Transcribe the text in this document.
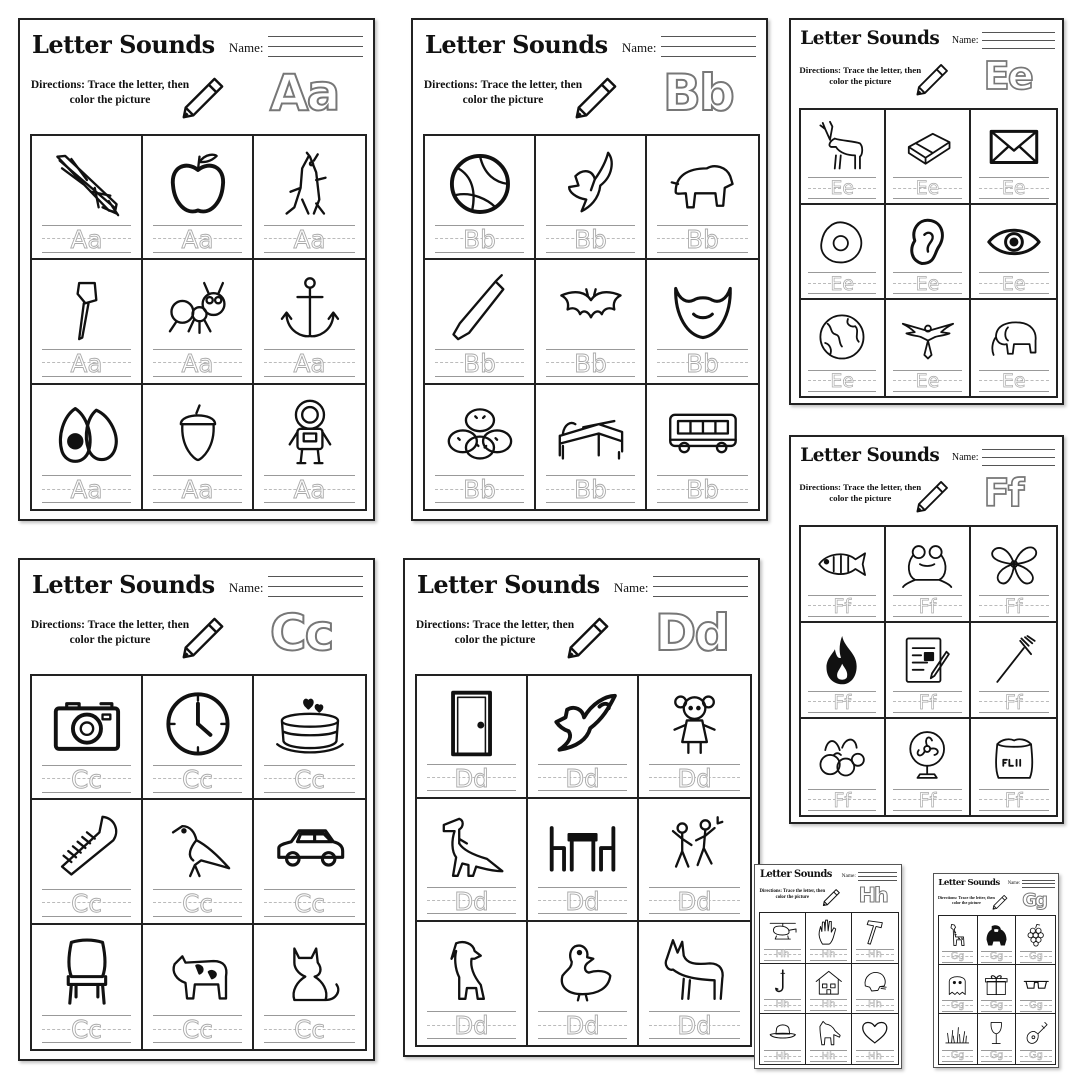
Letter Sounds Name:
Directions: Trace the letter, then color the picture	Aa
Aa	Aa	Aa
Aa	Aa	Aa
Aa	Aa	Aa
Letter Sounds Name:
Directions: Trace the letter, then color the picture	Bb
Bb	Bb	Bb
Bb	Bb	Bb
Bb	Bb	Bb
Letter Sounds Name:
Directions: Trace the letter, then color the picture	Ee
Ee	Ee	Ee
Ee	Ee	Ee
Ee	Ee	Ee
Letter Sounds Name:
Directions: Trace the letter, then color the picture	Ff
Ff	Ff	Ff
Ff	Ff	Ff
Ff	Ff	Ff
Letter Sounds Name:
Directions: Trace the letter, then color the picture	Cc
Cc	Cc	Cc
Cc	Cc	Cc
Cc	Cc	Cc
Letter Sounds Name:
Directions: Trace the letter, then color the picture	Dd
Dd	Dd	Dd
Dd	Dd	Dd
Dd	Dd	Dd
Letter Sounds Name:
Directions: Trace the letter, then color the picture	Hh
Hh	Hh	Hh
Hh	Hh	Hh
Hh	Hh	Hh
Letter Sounds Name:
Directions: Trace the letter, then color the picture	Gg
Gg	Gg	Gg
Gg	Gg	Gg
Gg	Gg	Gg
